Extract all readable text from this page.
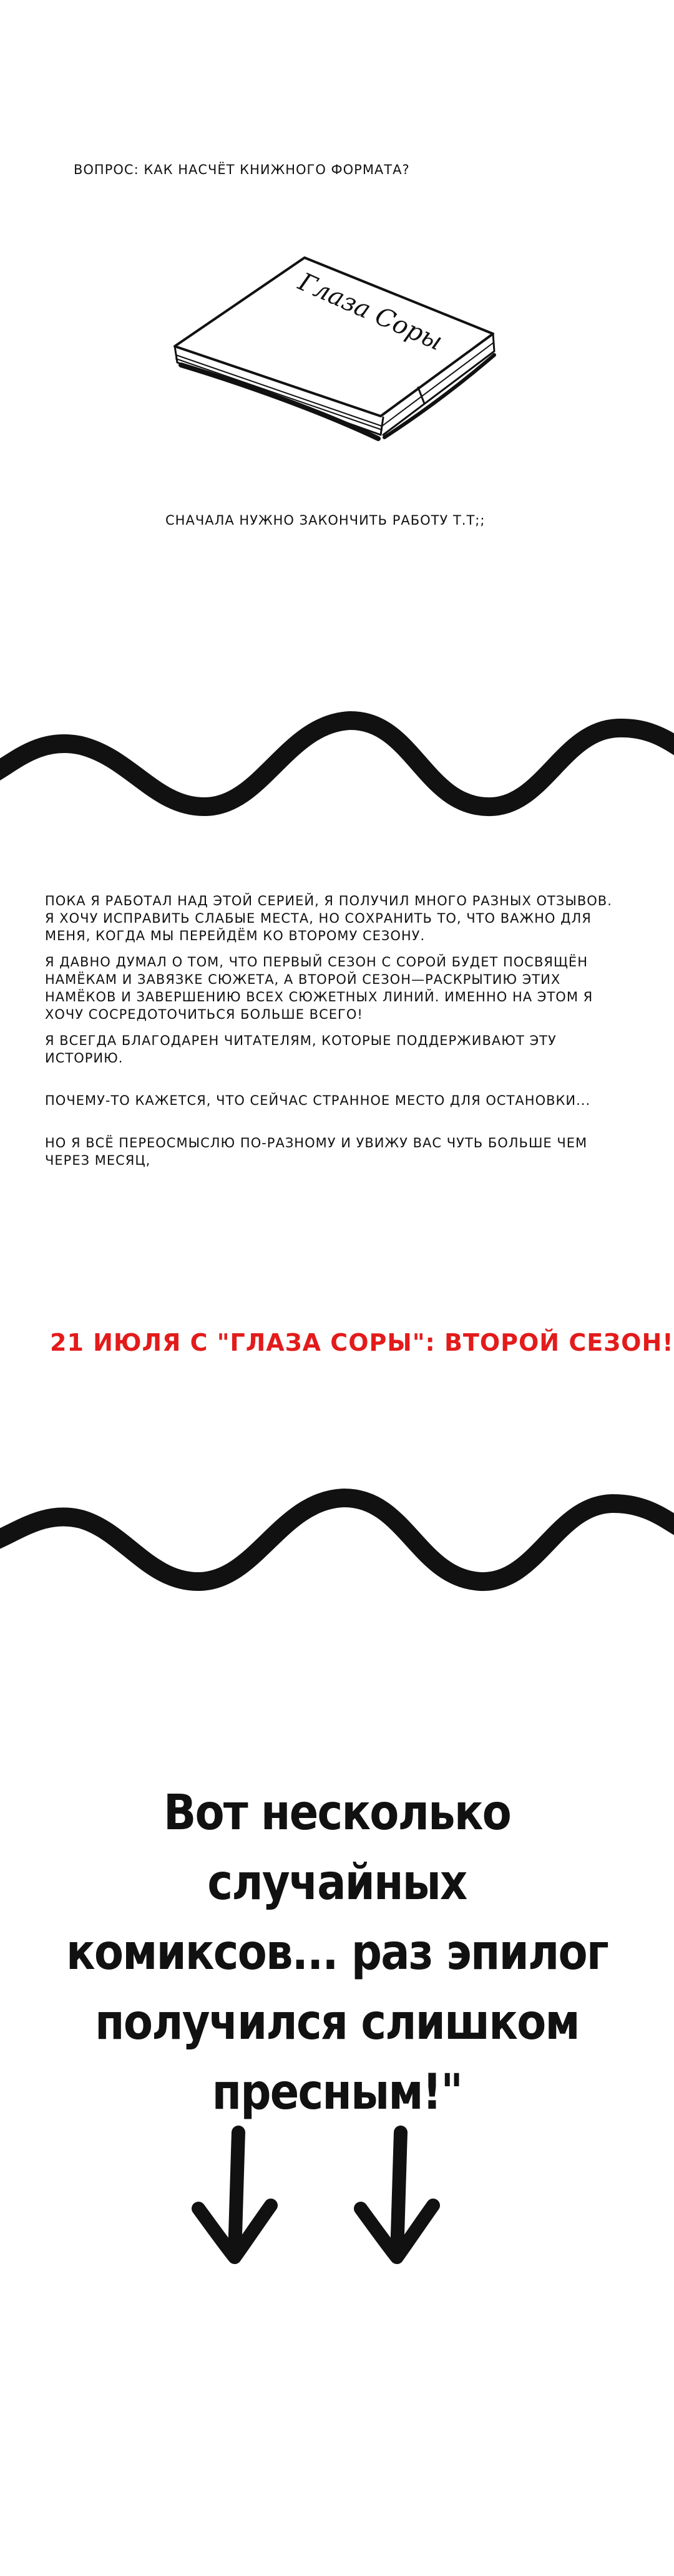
ВОПРОС: КАК НАСЧЁТ КНИЖНОГО ФОРМАТА?
Глаза Соры
СНАЧАЛА НУЖНО ЗАКОНЧИТЬ РАБОТУ Т.Т;;

ПОКА Я РАБОТАЛ НАД ЭТОЙ СЕРИЕЙ, Я ПОЛУЧИЛ МНОГО РАЗНЫХ ОТЗЫВОВ. Я ХОЧУ ИСПРАВИТЬ СЛАБЫЕ МЕСТА, НО СОХРАНИТЬ ТО, ЧТО ВАЖНО ДЛЯ МЕНЯ, КОГДА МЫ ПЕРЕЙДЁМ КО ВТОРОМУ СЕЗОНУ.

Я ДАВНО ДУМАЛ О ТОМ, ЧТО ПЕРВЫЙ СЕЗОН С СОРОЙ БУДЕТ ПОСВЯЩЁН НАМЁКАМ И ЗАВЯЗКЕ СЮЖЕТА, А ВТОРОЙ СЕЗОН—РАСКРЫТИЮ ЭТИХ НАМЁКОВ И ЗАВЕРШЕНИЮ ВСЕХ СЮЖЕТНЫХ ЛИНИЙ. ИМЕННО НА ЭТОМ Я ХОЧУ СОСРЕДОТОЧИТЬСЯ БОЛЬШЕ ВСЕГО!

Я ВСЕГДА БЛАГОДАРЕН ЧИТАТЕЛЯМ, КОТОРЫЕ ПОДДЕРЖИВАЮТ ЭТУ ИСТОРИЮ.

ПОЧЕМУ-ТО КАЖЕТСЯ, ЧТО СЕЙЧАС СТРАННОЕ МЕСТО ДЛЯ ОСТАНОВКИ...

НО Я ВСЁ ПЕРЕОСМЫСЛЮ ПО-РАЗНОМУ И УВИЖУ ВАС ЧУТЬ БОЛЬШЕ ЧЕМ ЧЕРЕЗ МЕСЯЦ,

21 ИЮЛЯ С "ГЛАЗА СОРЫ": ВТОРОЙ СЕЗОН!
Вот несколько случайных
комиксов... раз эпилог
получился слишком
пресным!"
